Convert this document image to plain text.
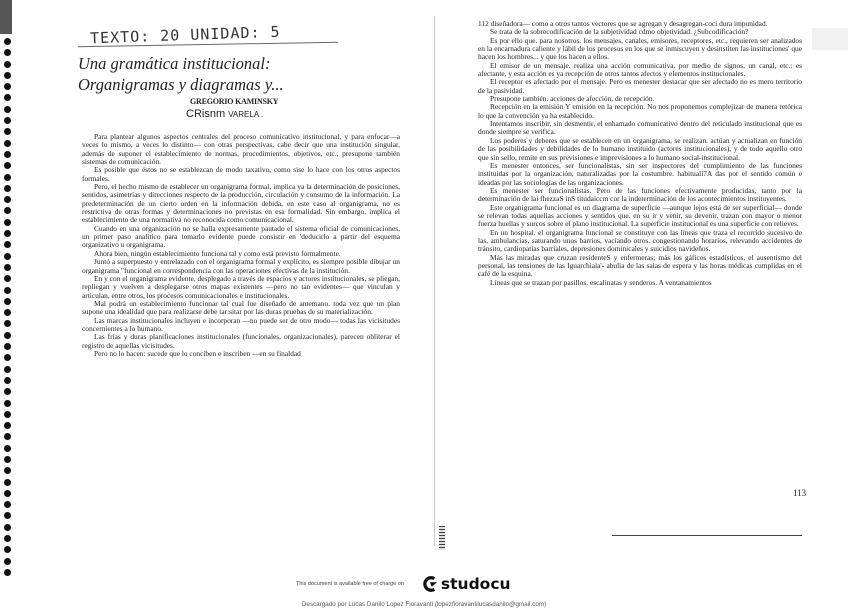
TEXTO: 20 UNIDAD: 5
Una gramática institucional:
Organigramas y diagramas y...
GREGORIO KAMINSKY
CRisnm VARELA .

Para plantear algunos aspectos centrales del proceso comunicativo institucional, y para enfocar—a veces lo mismo, a veces lo distinto— con otras perspectivas, cabe decir que una institución singular, además de suponer el establecimiento de normas, procedimientos, objetivos, etc., presupone también sistemas de comunicación.

Es posible que éstos no se establezcan de modo taxativo, como sise lo hace con los otros aspectos formales.

Pero, el hecho mismo de establecer un organigrama formal, implica ya la determinación de posiciones, sentidos, asimetrías y direcciones respecto de la producción, circulación y consumo de la información. La predeterminación de un cierto orden en la información debida, en este caso al organigrama, no es restrictiva de otras formas y determinaciones no previstas en esa formalidad. Sin embargo, implica el establecimiento de una normativa no reconocida como comunicacional.

Cuando en una organización no se halla expresamente pautado el sistema oficial de comunicaciones, un primer paso analítico para tomarlo evidente puede consistir en 'deducirlo a partir del esquema organizativo u organigrama.

Ahora bien, ningún establecimiento funciona tal y como está previsto formalmente.

Juntó a superpuesto y entrelazado con el organigrama formal y explícito, es siempre posible dibujar un organigrama "funcional en correspondencia con las operaciones efectivas de la institución.

En y con el organigrama evidente, desplegado a través de espacios y actores institucionales, se pliegan, repliegan y vuelven a desplegarse otros mapas existentes —pero no tan evidentes— que vinculan y articulan, entre otros, los procesos comunicacionales e institucionales.

Mal podrá un establecimiento funcionar tal cual fue diseñado de antemano. toda vez que un plan supone una idealidad que para realizarse debe tar:sitar por las duras pruebas de su materialización.

Las marcas institucionales incluyen e incorporan —no puede ser de otro modo— todas las vicisitudes concernientes a lo humano.

Las frías y duras planificaciones institucionales (funcionales, organizacionales), parecen obliterar el registro de aquellas vicisitudes.

Pero no lo hacen: sucede que lo conciben e inscriben —en su finaldad

112 diseñadora— como a otros tantos vectores que se agregan y desagregan-coci dura impunidad.

Se trata de la sobrecodificación de la subjetividad cdmo objetividad. ¿Subcodificación?

Es por ello que. para nosotros. los mensajes, canales, emisores, receptores, etc., requieren ser analizados en la encarnadura caliente y lábil de los procesos en los que se inmiscuyen y desinstiten las instituciones' que hacen los hombres... y que los hacen a ellos.

El emisor de un mensaje. realiza una acción comunicativa, por medio de signos, un canal, etc.: es afectante, y esta acción es ya recepción de otros tantos afectos y elementos institucionales.

El receptor es afectado por el mensaje. Pero es menester destacar que ser afectado no es mero territorio de la pasividad.

Presupone también. acciones de afección, de recepción.

Recepción en la emisión Y emisión en la recepción. No nos proponemos complejizar de manera retórica lo que la convención ya ha establecido.

Intentamos inscribir, sin desmentir, el enhamado comunicativo dentro del reticulado institucional que es donde siempre se verifica.

Los poderes y deberes que se establecen en un organigrama, se realizan. actúan y actualizan en función de las posibilidades y debilidades de lo humano instituido (actores institucionales), y de todo aquello otro que sin sello, remite en sus previsiones e imprevisiones a lo humano social-institucional.

Es menester entonces, ser funcionalistas, sin ser inspectores del cumplimiento de las funciones instituidas por la organización, naturalizadas por la costumbre. habituali7A das por el sentido común e ideadas por las sociologías de las organizaciones.

Es menester ser funcionalistas. Pero de las funciones efectivamente producidas, tanto por la determinación de lai fhezzaS inS titudaiccm cor la indeterminación de los acontecimientos instituyentes.

Este organigrama funcional es un diagrama de superficie —aunque lejos está de ser superficial— donde se relevan todas aquellas acciones y sentidos que. en su ir y venir, su devenir, trazan con mayor o menor fuerza huellas y surcos sobre el plano institucional. La superficie institucional es una superficie con relieves.

En un hospital. el organigrama funcional se constituye con las líneas que traza el recorrido sucesivo de las, ambulancias, saturando unos barrios, vaciando otros. congestionando horarios, relevando accidentes de tránsito, cardiopatías barriales, depresiones dominicales y suicidios navideños.

Más las miradas que cruzan residenteS y enfermeras; más los gáficos estadísticos, el ausentismo del personal, las tensiones de las Iguarchiala'- abulia de las salas de espera y las horas médicas cumplidas en el café de la esquina.

Líneas que se trazan por pasillos. escalinatas y senderos. A ventanamientos

113
This document is available free of charge on studocu
Descargado por Lucas Danilo Lopez Fioravanti (lopezfioravantilucasdanilo@gmail.com)
